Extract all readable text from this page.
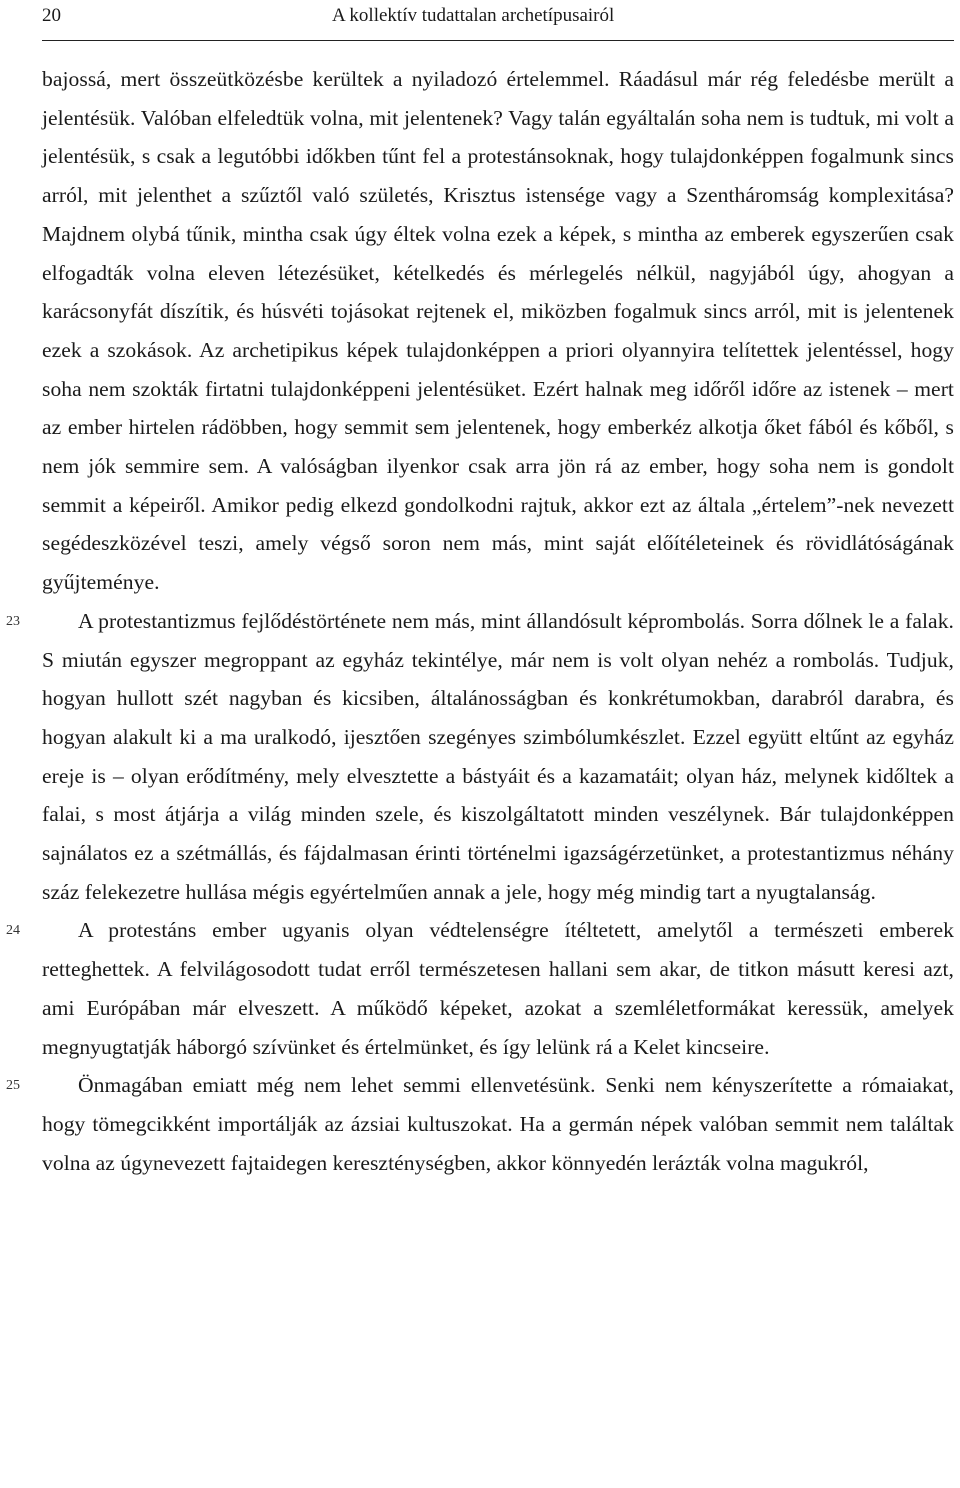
20	A kollektív tudattalan archetípusairól

bajossá, mert összeütközésbe kerültek a nyiladozó értelemmel. Ráadásul már rég feledésbe merült a jelentésük. Valóban elfeledtük volna, mit jelentenek? Vagy talán egyáltalán soha nem is tudtuk, mi volt a jelentésük, s csak a legutóbbi időkben tűnt fel a protestánsoknak, hogy tulajdonképpen fogalmunk sincs arról, mit jelenthet a szűztől való születés, Krisztus istensége vagy a Szentháromság komplexitása? Majdnem olybá tűnik, mintha csak úgy éltek volna ezek a képek, s mintha az emberek egyszerűen csak elfogadták volna eleven létezésüket, kételkedés és mérlegelés nélkül, nagyjából úgy, ahogyan a karácsonyfát díszítik, és húsvéti tojásokat rejtenek el, miközben fogalmuk sincs arról, mit is jelentenek ezek a szokások. Az archetipikus képek tulajdonképpen a priori olyannyira telítettek jelentéssel, hogy soha nem szokták firtatni tulajdonképpeni jelentésüket. Ezért halnak meg időről időre az istenek – mert az ember hirtelen rádöbben, hogy semmit sem jelentenek, hogy emberkéz alkotja őket fából és kőből, s nem jók semmire sem. A valóságban ilyenkor csak arra jön rá az ember, hogy soha nem is gondolt semmit a képeiről. Amikor pedig elkezd gondolkodni rajtuk, akkor ezt az általa „értelem”-nek nevezett segédeszközével teszi, amely végső soron nem más, mint saját előítéleteinek és rövidlátóságának gyűjteménye.

23	A protestantizmus fejlődéstörténete nem más, mint állandósult képrombolás. Sorra dőlnek le a falak. S miután egyszer megroppant az egyház tekintélye, már nem is volt olyan nehéz a rombolás. Tudjuk, hogyan hullott szét nagyban és kicsiben, általánosságban és konkrétumokban, darabról darabra, és hogyan alakult ki a ma uralkodó, ijesztően szegényes szimbólumkészlet. Ezzel együtt eltűnt az egyház ereje is – olyan erődítmény, mely elvesztette a bástyáit és a kazamatáit; olyan ház, melynek kidőltek a falai, s most átjárja a világ minden szele, és kiszolgáltatott minden veszélynek. Bár tulajdonképpen sajnálatos ez a szétmállás, és fájdalmasan érinti történelmi igazságérzetünket, a protestantizmus néhány száz felekezetre hullása mégis egyértelműen annak a jele, hogy még mindig tart a nyugtalanság.

24	A protestáns ember ugyanis olyan védtelenségre ítéltetett, amelytől a természeti emberek retteghettek. A felvilágosodott tudat erről természetesen hallani sem akar, de titkon másutt keresi azt, ami Európában már elveszett. A működő képeket, azokat a szemléletformákat keressük, amelyek megnyugtatják háborgó szívünket és értelmünket, és így lelünk rá a Kelet kincseire.

25	Önmagában emiatt még nem lehet semmi ellenvetésünk. Senki nem kényszerítette a rómaiakat, hogy tömegcikként importálják az ázsiai kultuszokat. Ha a germán népek valóban semmit nem találtak volna az úgynevezett fajtaidegen kereszténységben, akkor könnyedén lerázták volna magukról,
